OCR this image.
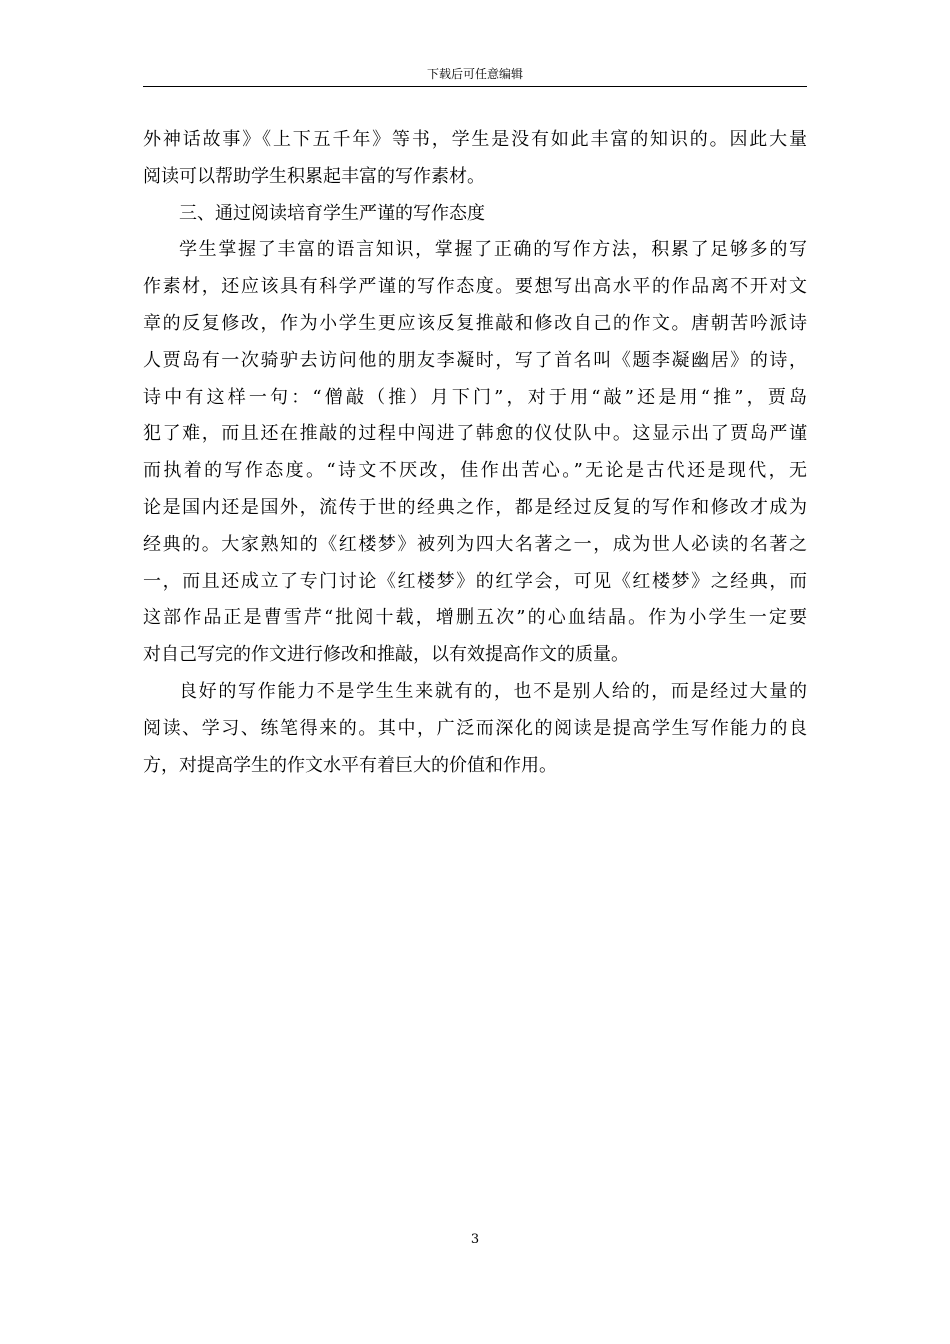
下载后可任意编辑
外神话故事》《上下五千年》等书，学生是没有如此丰富的知识的。因此大量
阅读可以帮助学生积累起丰富的写作素材。
三、通过阅读培育学生严谨的写作态度
学生掌握了丰富的语言知识，掌握了正确的写作方法，积累了足够多的写
作素材，还应该具有科学严谨的写作态度。要想写出高水平的作品离不开对文
章的反复修改，作为小学生更应该反复推敲和修改自己的作文。唐朝苦吟派诗
人贾岛有一次骑驴去访问他的朋友李凝时，写了首名叫《题李凝幽居》的诗，
诗中有这样一句：“僧敲（推）月下门”，对于用“敲”还是用“推”，贾岛
犯了难，而且还在推敲的过程中闯进了韩愈的仪仗队中。这显示出了贾岛严谨
而执着的写作态度。“诗文不厌改，佳作出苦心。”无论是古代还是现代，无
论是国内还是国外，流传于世的经典之作，都是经过反复的写作和修改才成为
经典的。大家熟知的《红楼梦》被列为四大名著之一，成为世人必读的名著之
一，而且还成立了专门讨论《红楼梦》的红学会，可见《红楼梦》之经典，而
这部作品正是曹雪芹“批阅十载，增删五次”的心血结晶。作为小学生一定要
对自己写完的作文进行修改和推敲，以有效提高作文的质量。
良好的写作能力不是学生生来就有的，也不是别人给的，而是经过大量的
阅读、学习、练笔得来的。其中，广泛而深化的阅读是提高学生写作能力的良
方，对提高学生的作文水平有着巨大的价值和作用。
3
